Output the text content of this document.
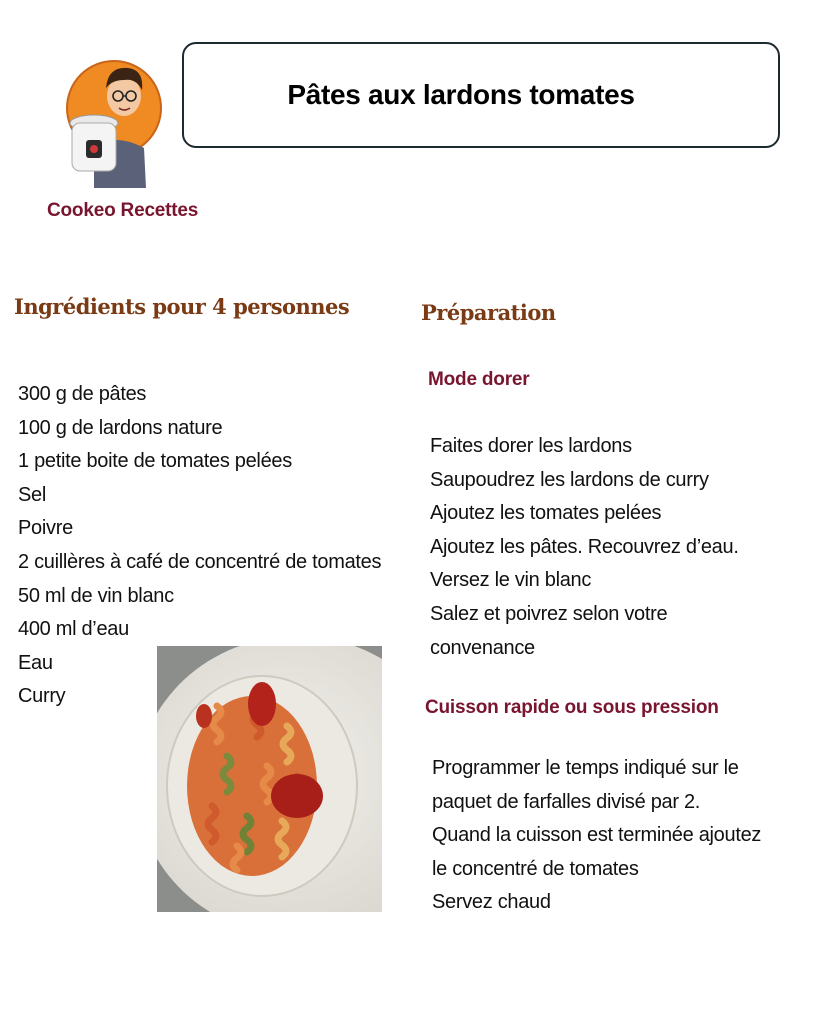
Cookeo Recettes
Pâtes aux lardons tomates
Ingrédients pour 4 personnes
300 g de pâtes
100 g de lardons nature
1 petite boite de tomates pelées
Sel
Poivre
2 cuillères à café de concentré de tomates
50 ml de vin blanc
400 ml d’eau
Eau
Curry
Préparation
Mode dorer
Faites dorer les lardons
Saupoudrez les lardons de curry
Ajoutez les tomates pelées
Ajoutez les pâtes. Recouvrez d’eau.
Versez le vin blanc
Salez et poivrez selon votre
convenance
Cuisson rapide ou sous pression
Programmer le temps indiqué sur le
paquet de farfalles divisé par 2.
Quand la cuisson est terminée ajoutez
le concentré de tomates
Servez chaud
